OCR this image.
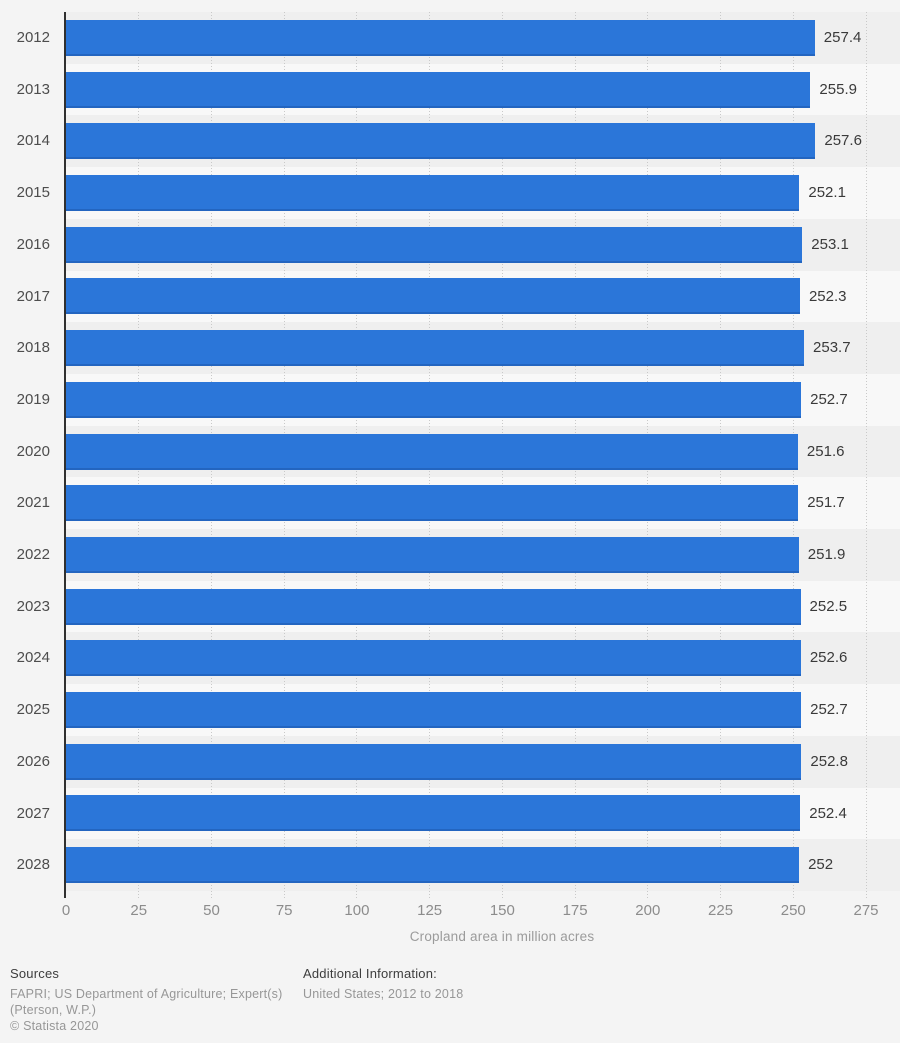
2012	257.4
2013	255.9
2014	257.6
2015	252.1
2016	253.1
2017	252.3
2018	253.7
2019	252.7
2020	251.6
2021	251.7
2022	251.9
2023	252.5
2024	252.6
2025	252.7
2026	252.8
2027	252.4
2028	252
Cropland area in million acres
Sources
FAPRI; US Department of Agriculture; Expert(s)
(Pterson, W.P.)
© Statista 2020
Additional Information:
United States; 2012 to 2018
0	25	50	75	100	125	150	175	200	225	250	275
